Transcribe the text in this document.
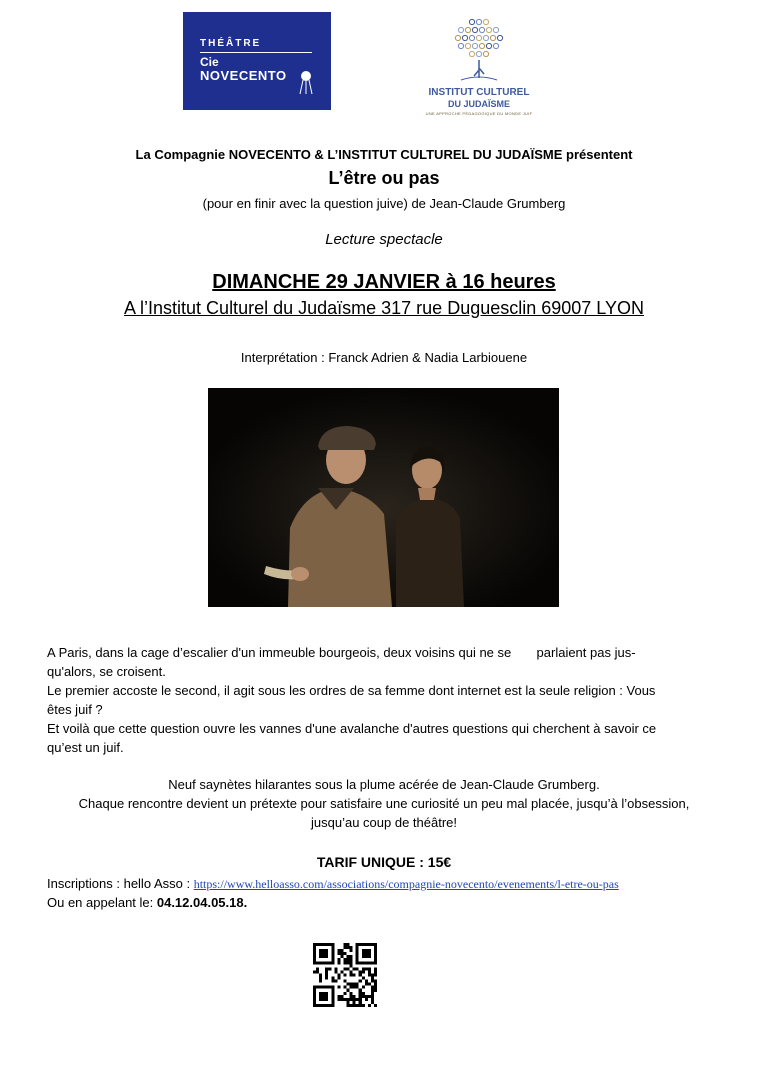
THÉÂTRE
Cie
NOVECENTO
INSTITUT CULTUREL
DU JUDAÏSME
UNE APPROCHE PÉDAGOGIQUE DU MONDE JUIF
La Compagnie NOVECENTO & L’INSTITUT CULTUREL DU JUDAÏSME présentent
L’être ou pas
(pour en finir avec la question juive) de Jean-Claude Grumberg
Lecture spectacle
DIMANCHE 29 JANVIER à 16 heures
A l’Institut Culturel du Judaïsme 317 rue Duguesclin 69007 LYON
Interprétation : Franck Adrien & Nadia Larbiouene
A Paris, dans la cage d’escalier d'un immeuble bourgeois, deux voisins qui ne se       parlaient pas jus-
qu'alors, se croisent.
Le premier accoste le second, il agit sous les ordres de sa femme dont internet est la seule religion : Vous
êtes juif ?
Et voilà que cette question ouvre les vannes d'une avalanche d'autres questions qui cherchent à savoir ce
qu’est un juif.
Neuf saynètes hilarantes sous la plume acérée de Jean-Claude Grumberg.
Chaque rencontre devient un prétexte pour satisfaire une curiosité un peu mal placée, jusqu’à l’obsession,
jusqu’au coup de théâtre!
TARIF UNIQUE : 15€
Inscriptions : hello Asso : https://www.helloasso.com/associations/compagnie-novecento/evenements/l-etre-ou-pas
Ou en appelant le: 04.12.04.05.18.
